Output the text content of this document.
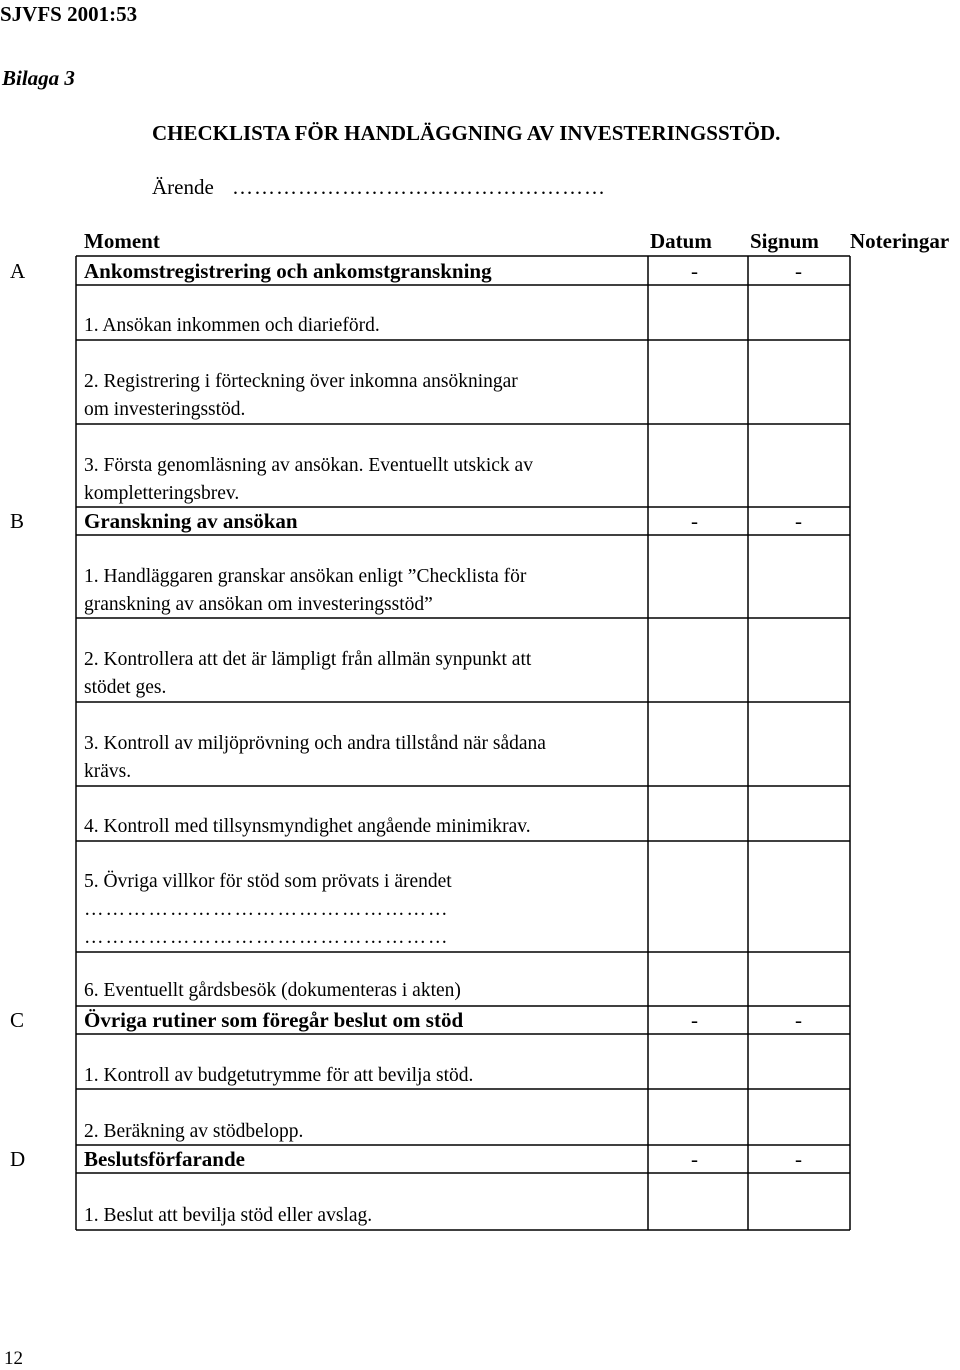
SJVFS 2001:53
Bilaga 3
CHECKLISTA FÖR HANDLÄGGNING AV INVESTERINGSSTÖD.
Ärende ……………………………………………
Moment	Datum Signum Noteringar
A	Ankomstregistrering och ankomstgranskning	-	-
1. Ansökan inkommen och diarieförd.
2. Registrering i förteckning över inkomna ansökningar
om investeringsstöd.
3. Första genomläsning av ansökan. Eventuellt utskick av
kompletteringsbrev.
B	Granskning av ansökan	-	-
1. Handläggaren granskar ansökan enligt ”Checklista för
granskning av ansökan om investeringsstöd”
2. Kontrollera att det är lämpligt från allmän synpunkt att
stödet ges.
3. Kontroll av miljöprövning och andra tillstånd när sådana
krävs.
4. Kontroll med tillsynsmyndighet angående minimikrav.
5. Övriga villkor för stöd som prövats i ärendet
……………………………………………
……………………………………………
6. Eventuellt gårdsbesök (dokumenteras i akten)
C	Övriga rutiner som föregår beslut om stöd	-	-
1. Kontroll av budgetutrymme för att bevilja stöd.
2. Beräkning av stödbelopp.
D	Beslutsförfarande	-	-
1. Beslut att bevilja stöd eller avslag.
12
